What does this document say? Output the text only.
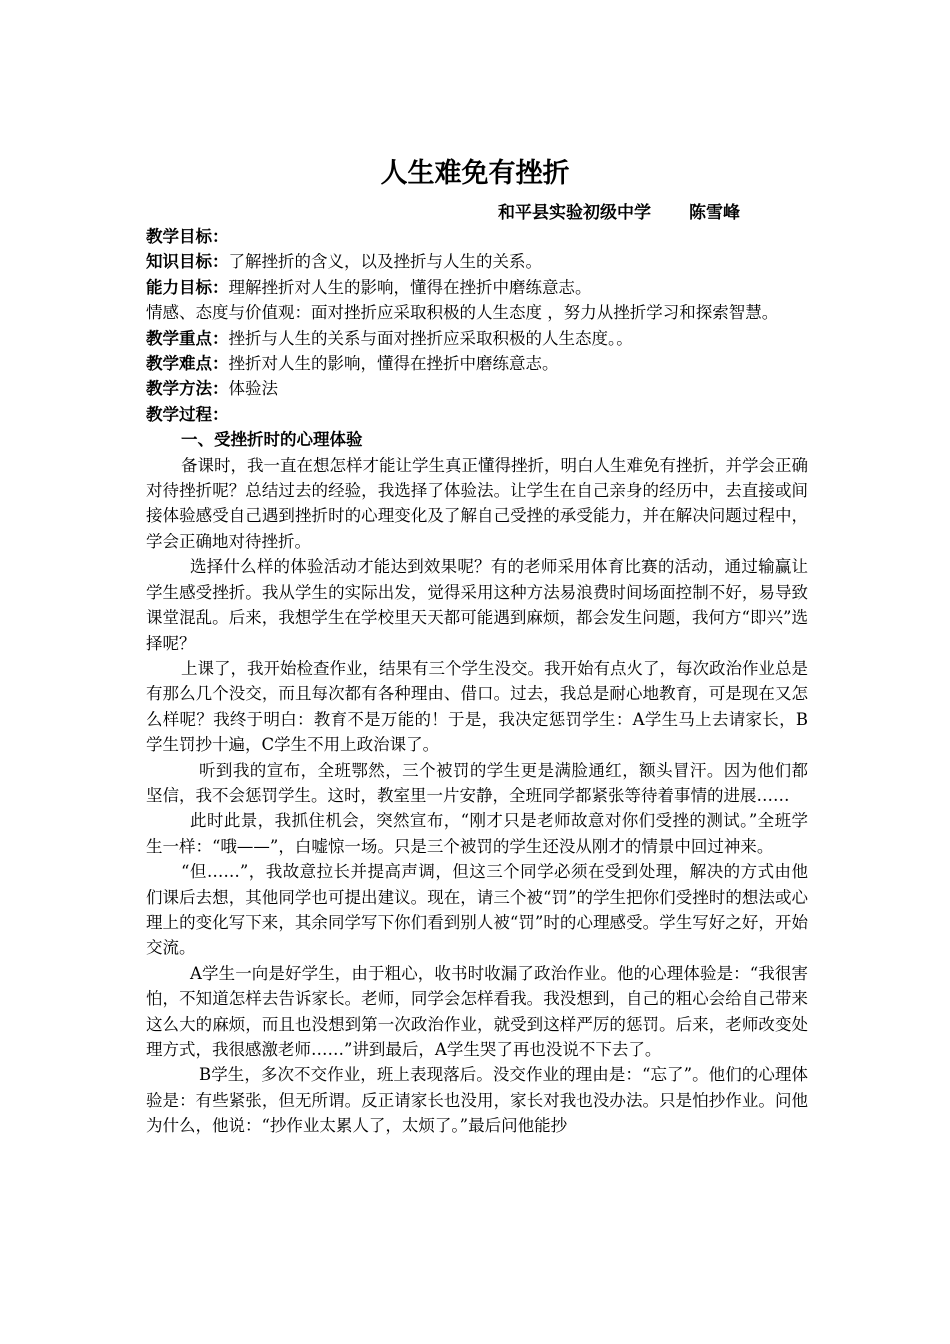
人生难免有挫折
和平县实验初级中学 陈雪峰

教学目标：

知识目标：了解挫折的含义，以及挫折与人生的关系。

能力目标：理解挫折对人生的影响，懂得在挫折中磨练意志。

情感、态度与价值观：面对挫折应采取积极的人生态度 ，努力从挫折学习和探索智慧。

教学重点：挫折与人生的关系与面对挫折应采取积极的人生态度。。

教学难点：挫折对人生的影响，懂得在挫折中磨练意志。

教学方法：体验法

教学过程：

一、受挫折时的心理体验

备课时，我一直在想怎样才能让学生真正懂得挫折，明白人生难免有挫折，并学会正确对待挫折呢？总结过去的经验，我选择了体验法。让学生在自己亲身的经历中，去直接或间接体验感受自己遇到挫折时的心理变化及了解自己受挫的承受能力，并在解决问题过程中，学会正确地对待挫折。

选择什么样的体验活动才能达到效果呢？有的老师采用体育比赛的活动，通过输赢让学生感受挫折。我从学生的实际出发，觉得采用这种方法易浪费时间场面控制不好，易导致课堂混乱。后来，我想学生在学校里天天都可能遇到麻烦，都会发生问题，我何方“即兴”选择呢？

上课了，我开始检查作业，结果有三个学生没交。我开始有点火了，每次政治作业总是有那么几个没交，而且每次都有各种理由、借口。过去，我总是耐心地教育，可是现在又怎么样呢？我终于明白：教育不是万能的！于是，我决定惩罚学生：A学生马上去请家长，B学生罚抄十遍，C学生不用上政治课了。

听到我的宣布，全班鄂然，三个被罚的学生更是满脸通红，额头冒汗。因为他们都坚信，我不会惩罚学生。这时，教室里一片安静，全班同学都紧张等待着事情的进展……

此时此景，我抓住机会，突然宣布，“刚才只是老师故意对你们受挫的测试。”全班学生一样：“哦——”，白嘘惊一场。只是三个被罚的学生还没从刚才的情景中回过神来。

“但……”，我故意拉长并提高声调，但这三个同学必须在受到处理，解决的方式由他们课后去想，其他同学也可提出建议。现在，请三个被“罚”的学生把你们受挫时的想法或心理上的变化写下来，其余同学写下你们看到别人被“罚”时的心理感受。学生写好之好，开始交流。

A学生一向是好学生，由于粗心，收书时收漏了政治作业。他的心理体验是：“我很害怕，不知道怎样去告诉家长。老师，同学会怎样看我。我没想到，自己的粗心会给自己带来这么大的麻烦，而且也没想到第一次政治作业，就受到这样严厉的惩罚。后来，老师改变处理方式，我很感激老师……”讲到最后，A学生哭了再也没说不下去了。

B学生，多次不交作业，班上表现落后。没交作业的理由是：“忘了”。他们的心理体验是：有些紧张，但无所谓。反正请家长也没用，家长对我也没办法。只是怕抄作业。问他为什么，他说：“抄作业太累人了，太烦了。”最后问他能抄
